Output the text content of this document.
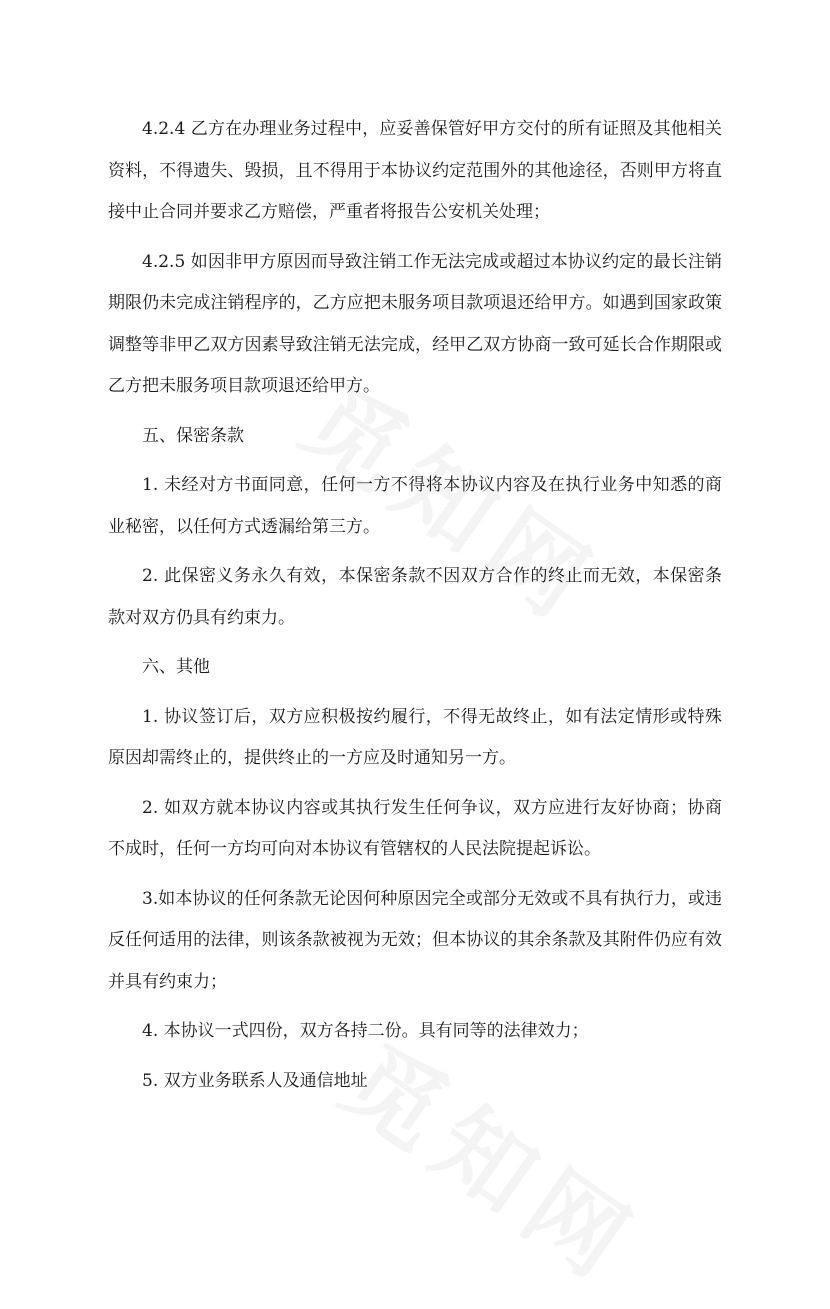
4.2.4 乙方在办理业务过程中，应妥善保管好甲方交付的所有证照及其他相关资料，不得遗失、毁损，且不得用于本协议约定范围外的其他途径，否则甲方将直接中止合同并要求乙方赔偿，严重者将报告公安机关处理；

4.2.5 如因非甲方原因而导致注销工作无法完成或超过本协议约定的最长注销期限仍未完成注销程序的，乙方应把未服务项目款项退还给甲方。如遇到国家政策调整等非甲乙双方因素导致注销无法完成，经甲乙双方协商一致可延长合作期限或乙方把未服务项目款项退还给甲方。

五、保密条款

1. 未经对方书面同意，任何一方不得将本协议内容及在执行业务中知悉的商业秘密，以任何方式透漏给第三方。

2. 此保密义务永久有效，本保密条款不因双方合作的终止而无效，本保密条款对双方仍具有约束力。

六、其他

1. 协议签订后，双方应积极按约履行，不得无故终止，如有法定情形或特殊原因却需终止的，提供终止的一方应及时通知另一方。

2. 如双方就本协议内容或其执行发生任何争议，双方应进行友好协商；协商不成时，任何一方均可向对本协议有管辖权的人民法院提起诉讼。

3.如本协议的任何条款无论因何种原因完全或部分无效或不具有执行力，或违反任何适用的法律，则该条款被视为无效；但本协议的其余条款及其附件仍应有效并具有约束力；

4. 本协议一式四份，双方各持二份。具有同等的法律效力；

5. 双方业务联系人及通信地址
